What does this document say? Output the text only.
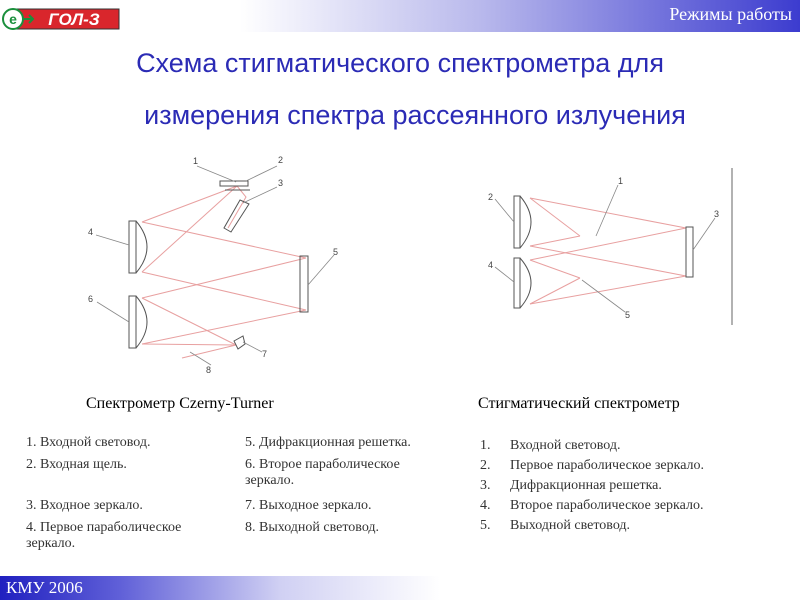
e ГОЛ-З	Режимы работы
Схема стигматического спектрометра для
измерения спектра рассеянного излучения
1	2
3
4
5
6
7
8
1
2
3
4
5
Спектрометр Czerny-Turner	Стигматический спектрометр
1. Входной световод.
2. Входная щель.
3. Входное зеркало.
4. Первое параболическое зеркало.
5. Дифракционная решетка.
6. Второе параболическое зеркало.
7. Выходное зеркало.
8. Выходной световод.
1. Входной световод.
2. Первое параболическое зеркало.
3. Дифракционная решетка.
4. Второе параболическое зеркало.
5. Выходной световод.
КМУ 2006
